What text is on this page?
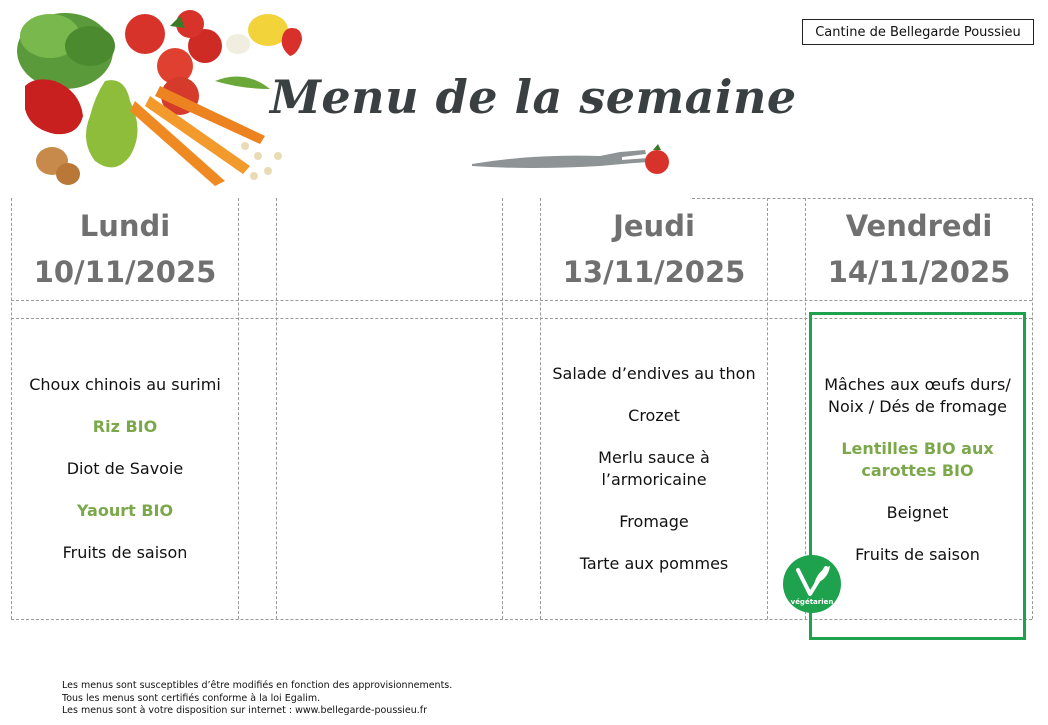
Menu de la semaine
Cantine de Bellegarde Poussieu
Lundi
10/11/2025
Jeudi
13/11/2025
Vendredi
14/11/2025
Choux chinois au surimi
Riz BIO
Diot de Savoie
Yaourt BIO
Fruits de saison
Salade d’endives au thon
Crozet
Merlu sauce à l’armoricaine
Fromage
Tarte aux pommes
Mâches aux œufs durs/ Noix / Dés de fromage
Lentilles BIO aux carottes BIO
Beignet
Fruits de saison
végétarien
Les menus sont susceptibles d’être modifiés en fonction des approvisionnements.
Tous les menus sont certifiés conforme à la loi Egalim.
Les menus sont à votre disposition sur internet : www.bellegarde-poussieu.fr
